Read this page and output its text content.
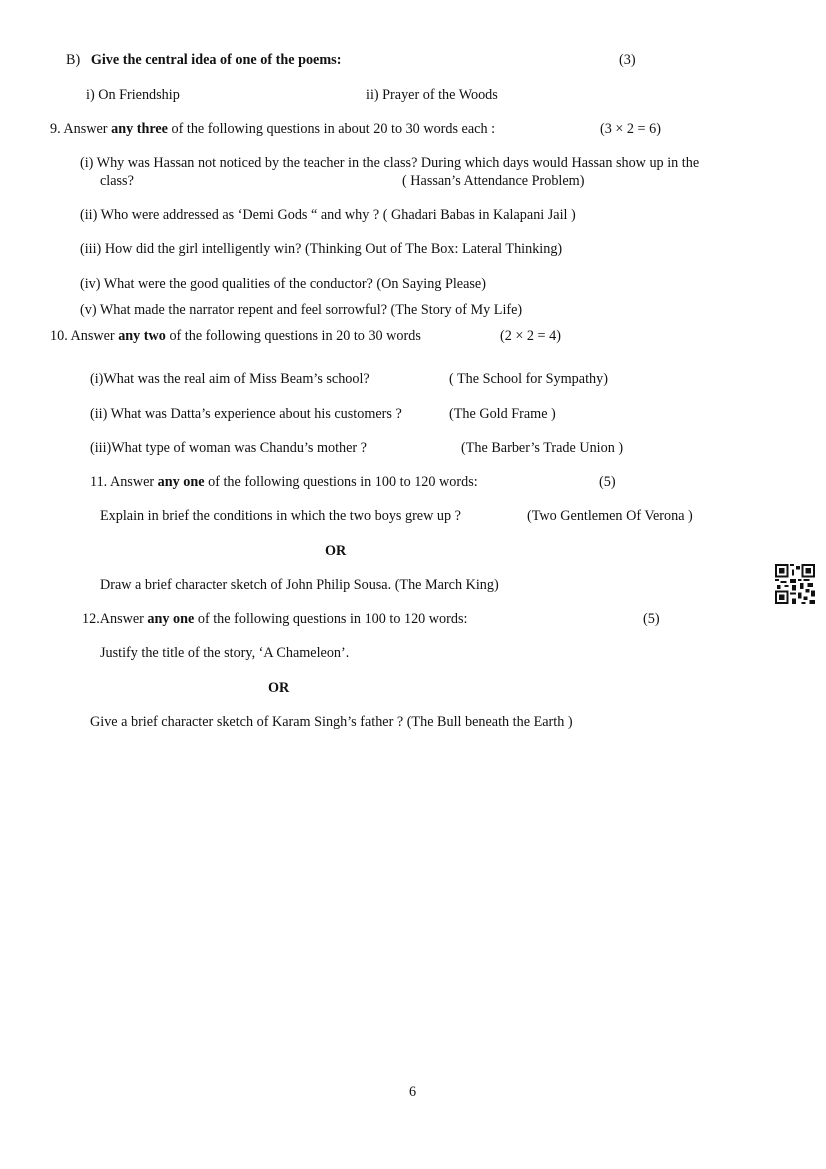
B) Give the central idea of one of the poems:	(3)
i) On Friendship	ii) Prayer of the Woods
9. Answer any three of the following questions in about 20 to 30 words each :	(3 × 2 = 6)
(i) Why was Hassan not noticed by the teacher in the class? During which days would Hassan show up in the
class?	( Hassan’s Attendance Problem)
(ii) Who were addressed as ‘Demi Gods “ and why ? ( Ghadari Babas in Kalapani Jail )
(iii) How did the girl intelligently win? (Thinking Out of The Box: Lateral Thinking)
(iv) What were the good qualities of the conductor? (On Saying Please)
(v) What made the narrator repent and feel sorrowful? (The Story of My Life)
10. Answer any two of the following questions in 20 to 30 words	(2 × 2 = 4)
(i)What was the real aim of Miss Beam’s school?	( The School for Sympathy)
(ii) What was Datta’s experience about his customers ?	(The Gold Frame )
(iii)What type of woman was Chandu’s mother ?	(The Barber’s Trade Union )
11. Answer any one of the following questions in 100 to 120 words:	(5)
Explain in brief the conditions in which the two boys grew up ?	(Two Gentlemen Of Verona )
OR
Draw a brief character sketch of John Philip Sousa. (The March King)
12.Answer any one of the following questions in 100 to 120 words:	(5)
Justify the title of the story, ‘A Chameleon’.
OR
Give a brief character sketch of Karam Singh’s father ? (The Bull beneath the Earth )
6
